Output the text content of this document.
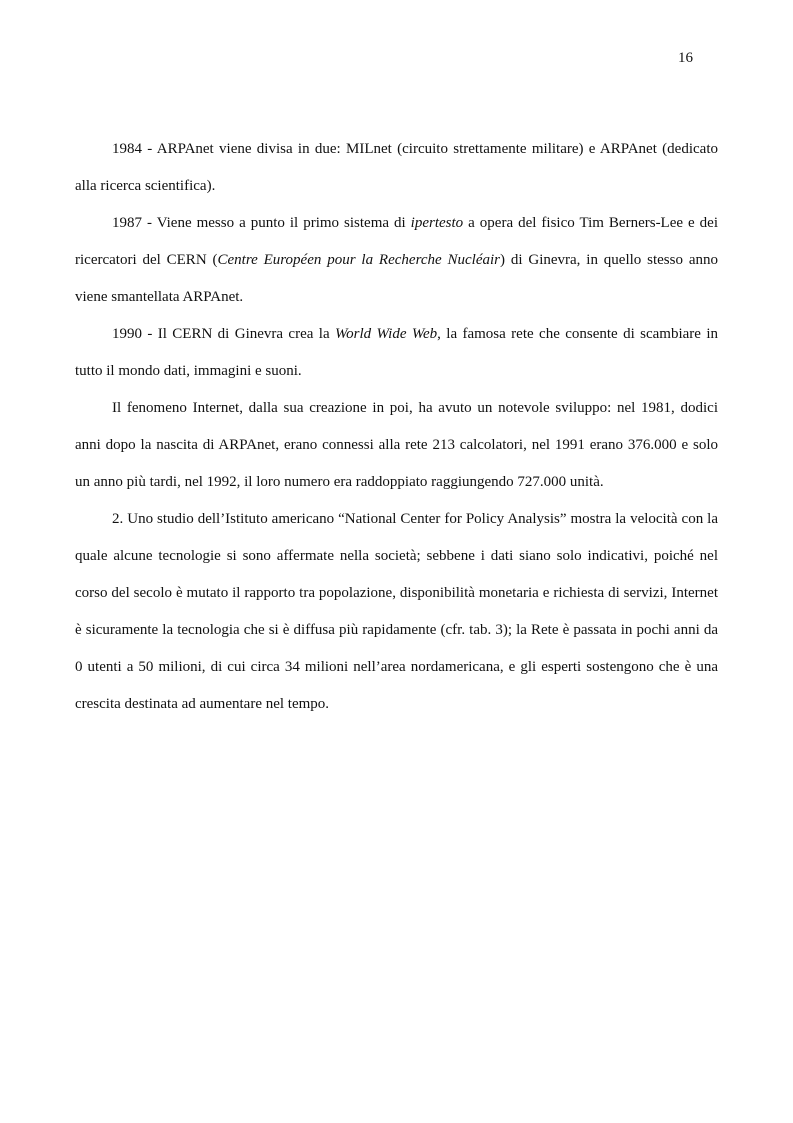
16

1984 - ARPAnet viene divisa in due: MILnet (circuito strettamente militare) e ARPAnet (dedicato alla ricerca scientifica).

1987 - Viene messo a punto il primo sistema di ipertesto a opera del fisico Tim Berners-Lee e dei ricercatori del CERN (Centre Européen pour la Recherche Nucléair) di Ginevra, in quello stesso anno viene smantellata ARPAnet.

1990 - Il CERN di Ginevra crea la World Wide Web, la famosa rete che consente di scambiare in tutto il mondo dati, immagini e suoni.

Il fenomeno Internet, dalla sua creazione in poi, ha avuto un notevole sviluppo: nel 1981, dodici anni dopo la nascita di ARPAnet, erano connessi alla rete 213 calcolatori, nel 1991 erano 376.000 e solo un anno più tardi, nel 1992, il loro numero era raddoppiato raggiungendo 727.000 unità.

2. Uno studio dell’Istituto americano “National Center for Policy Analysis” mostra la velocità con la quale alcune tecnologie si sono affermate nella società; sebbene i dati siano solo indicativi, poiché nel corso del secolo è mutato il rapporto tra popolazione, disponibilità monetaria e richiesta di servizi, Internet è sicuramente la tecnologia che si è diffusa più rapidamente (cfr. tab. 3); la Rete è passata in pochi anni da 0 utenti a 50 milioni, di cui circa 34 milioni nell’area nordamericana, e gli esperti sostengono che è una crescita destinata ad aumentare nel tempo.
